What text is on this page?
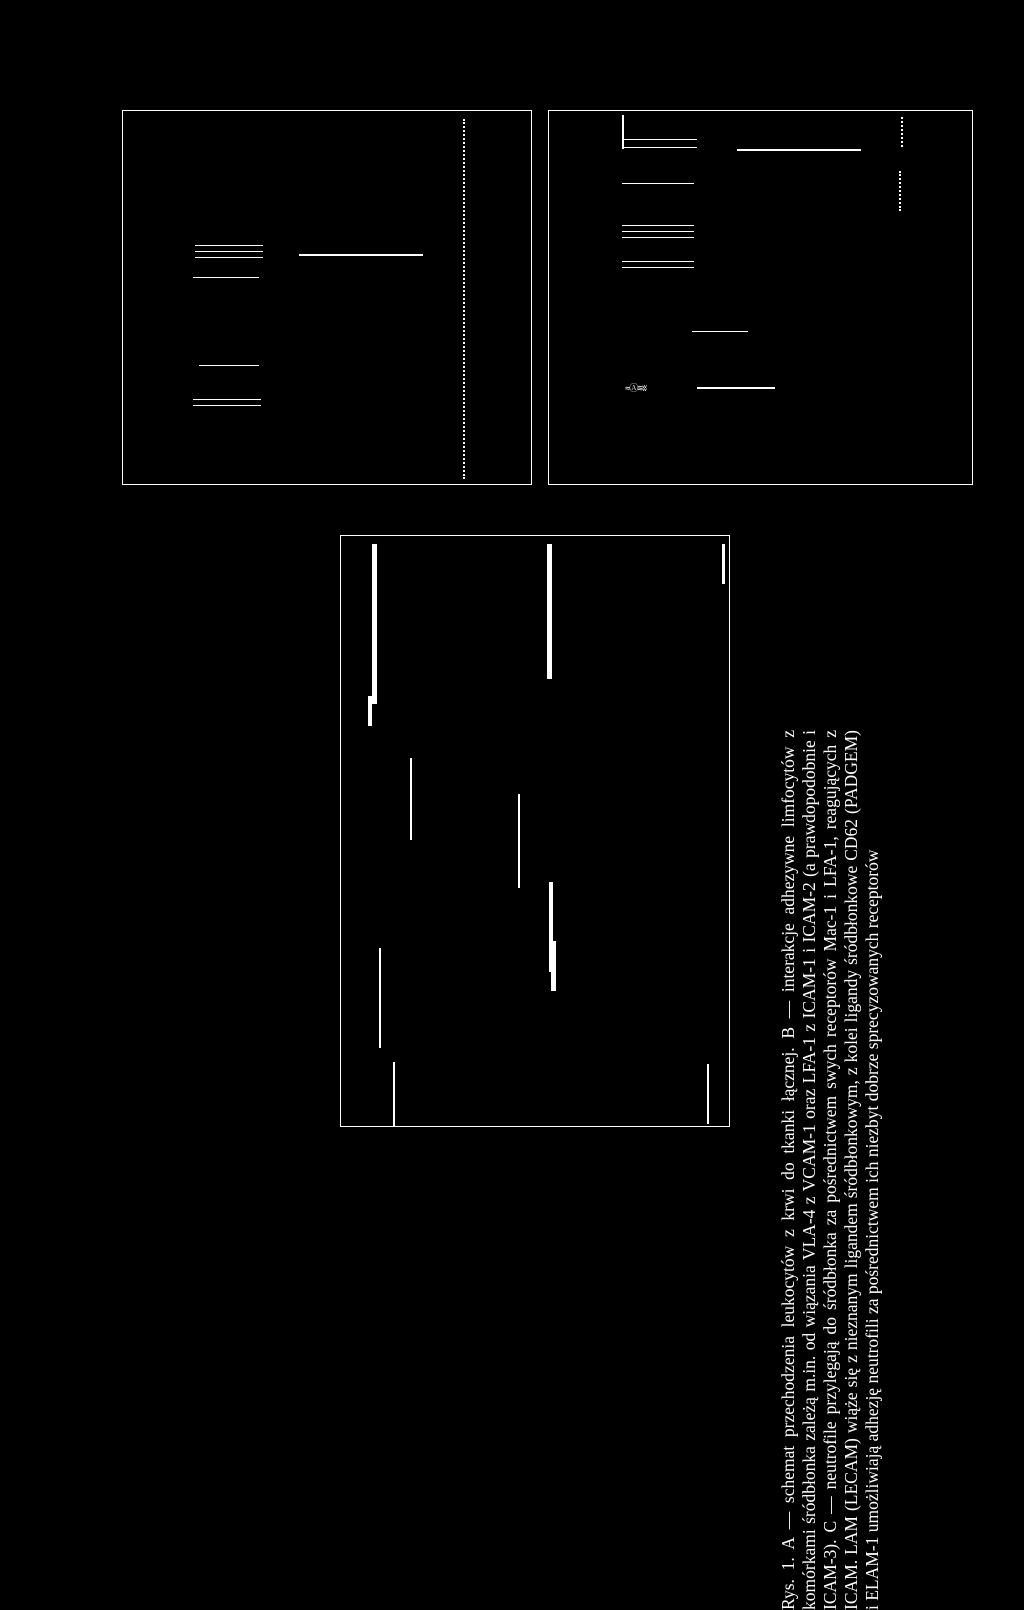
≈Ⓐ≋ʬ

Rys. 1. A — schemat przechodzenia leukocytów z krwi do tkanki łącznej. B — interakcje adhezywne limfocytów z komórkami śródbłonka zależą m.in. od wiązania VLA-4 z VCAM-1 oraz LFA-1 z ICAM-1 i ICAM-2 (a prawdopodobnie i ICAM-3). C — neutrofile przylegają do śródbłonka za pośrednictwem swych receptorów Mac-1 i LFA-1, reagujących z ICAM. LAM (LECAM) wiąże się z nieznanym ligandem śródbłonkowym, z kolei ligandy śródbłonkowe CD62 (PADGEM) i ELAM-1 umożliwiają adhezję neutrofili za pośrednictwem ich niezbyt dobrze sprecyzowanych receptorów
